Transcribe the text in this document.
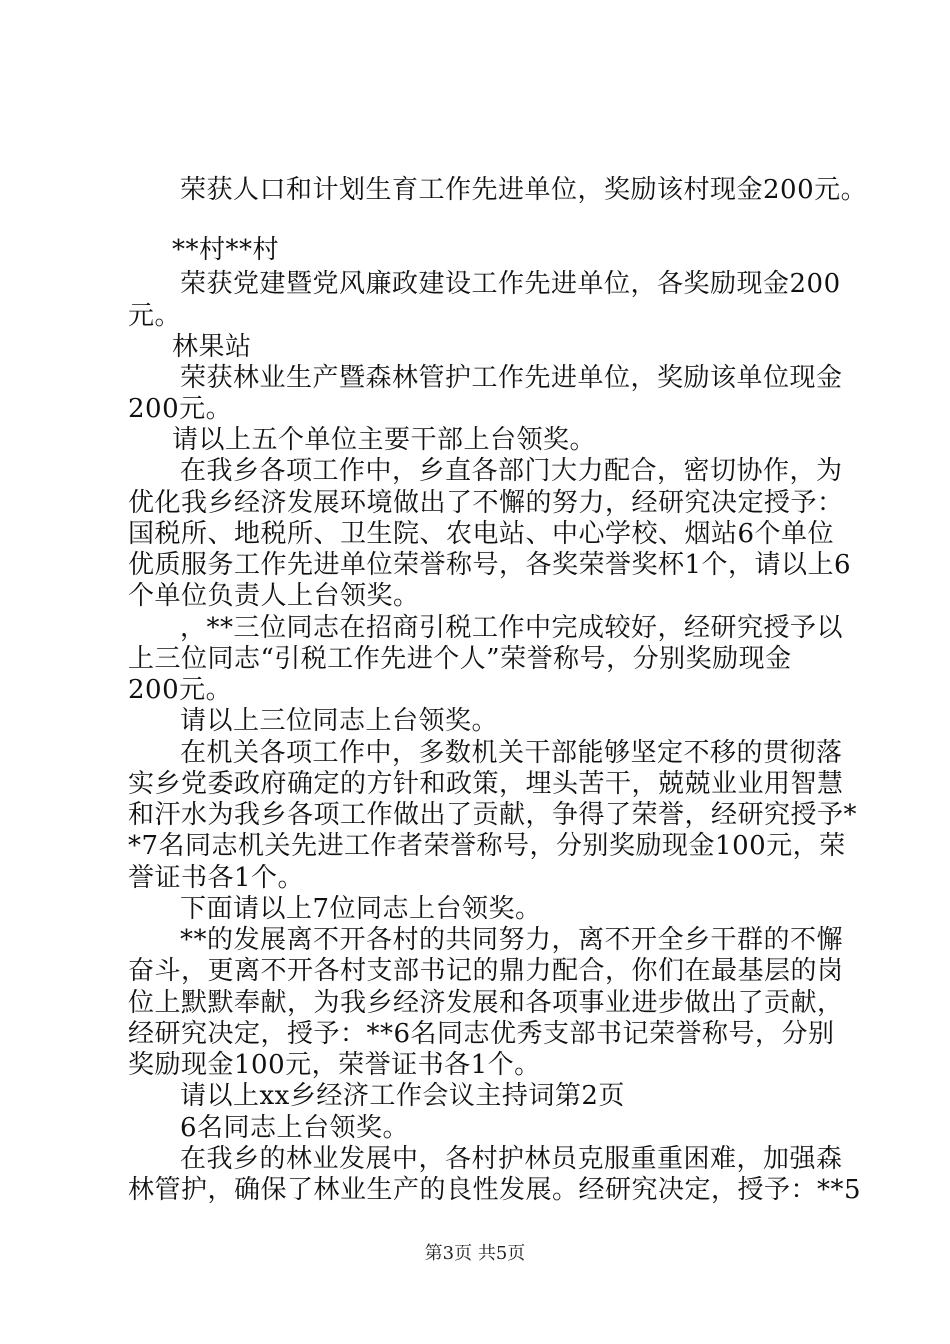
荣获人口和计划生育工作先进单位，奖励该村现金200元。

**村**村

荣获党建暨党风廉政建设工作先进单位，各奖励现金200

元。

林果站

荣获林业生产暨森林管护工作先进单位，奖励该单位现金

200元。

请以上五个单位主要干部上台领奖。

在我乡各项工作中，乡直各部门大力配合，密切协作，为

优化我乡经济发展环境做出了不懈的努力，经研究决定授予：

国税所、地税所、卫生院、农电站、中心学校、烟站6个单位

优质服务工作先进单位荣誉称号，各奖荣誉奖杯1个，请以上6

个单位负责人上台领奖。

，**三位同志在招商引税工作中完成较好，经研究授予以

上三位同志“引税工作先进个人”荣誉称号，分别奖励现金

200元。

请以上三位同志上台领奖。

在机关各项工作中，多数机关干部能够坚定不移的贯彻落

实乡党委政府确定的方针和政策，埋头苦干，兢兢业业用智慧

和汗水为我乡各项工作做出了贡献，争得了荣誉，经研究授予*

*7名同志机关先进工作者荣誉称号，分别奖励现金100元，荣

誉证书各1个。

下面请以上7位同志上台领奖。

**的发展离不开各村的共同努力，离不开全乡干群的不懈

奋斗，更离不开各村支部书记的鼎力配合，你们在最基层的岗

位上默默奉献，为我乡经济发展和各项事业进步做出了贡献，

经研究决定，授予：**6名同志优秀支部书记荣誉称号，分别

奖励现金100元，荣誉证书各1个。

请以上xx乡经济工作会议主持词第2页

6名同志上台领奖。

在我乡的林业发展中，各村护林员克服重重困难，加强森

林管护，确保了林业生产的良性发展。经研究决定，授予：**5

第3页 共5页
